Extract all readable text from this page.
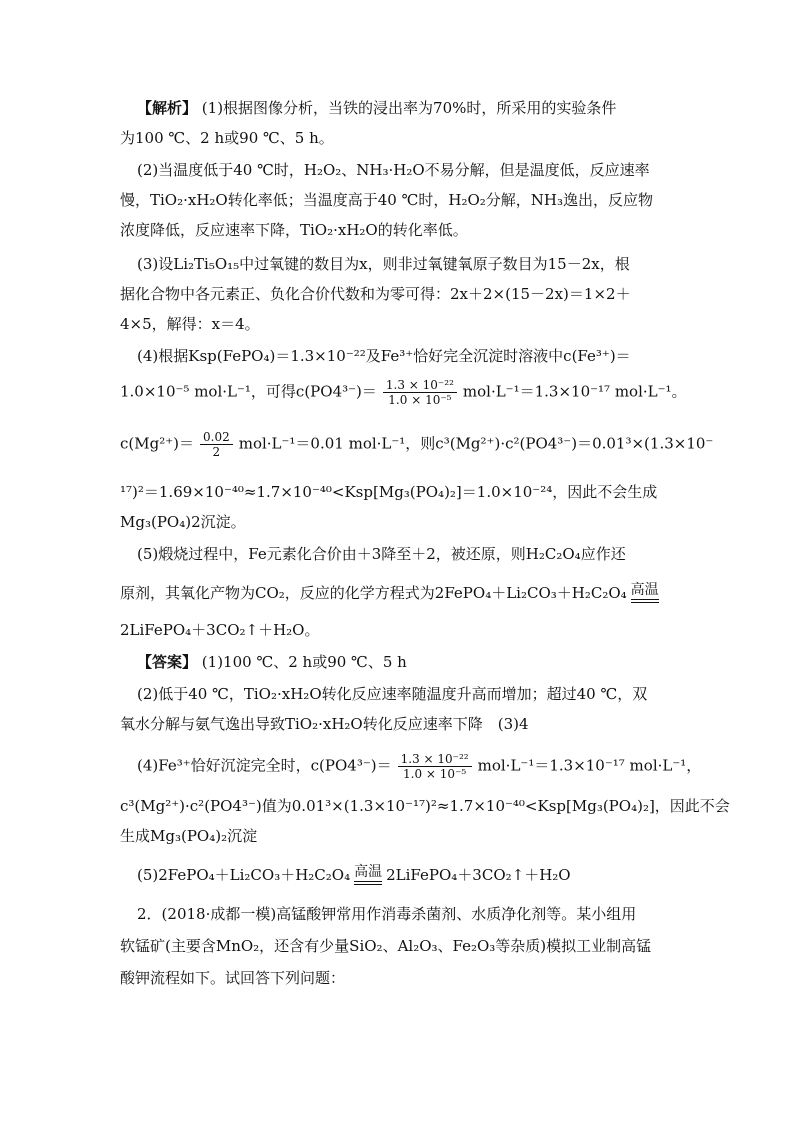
【解析】 (1)根据图像分析，当铁的浸出率为70%时，所采用的实验条件
为100 ℃、2 h或90 ℃、5 h。
(2)当温度低于40 ℃时，H₂O₂、NH₃·H₂O不易分解，但是温度低，反应速率
慢，TiO₂·xH₂O转化率低；当温度高于40 ℃时，H₂O₂分解，NH₃逸出，反应物
浓度降低，反应速率下降，TiO₂·xH₂O的转化率低。
(3)设Li₂Ti₅O₁₅中过氧键的数目为x，则非过氧键氧原子数目为15－2x，根
据化合物中各元素正、负化合价代数和为零可得：2x＋2×(15－2x)＝1×2＋
4×5，解得：x＝4。
(4)根据Ksp(FePO₄)＝1.3×10⁻²²及Fe³⁺恰好完全沉淀时溶液中c(Fe³⁺)＝
1.0×10⁻⁵ mol·L⁻¹，可得$c(PO4^{3-})= \frac{\text{1.3 × 10⁻²²}}{\text{1.0 × 10⁻⁵}} mol\cdot L^{-1}=1.3\times 10^{-17}$ mol·L⁻¹。
$c(Mg^{2+})= \frac{0.02}{2} mol\cdot L^{-1}=0.01$ mol·L⁻¹，则c³(Mg²⁺)·c²(PO4³⁻)＝0.01³×(1.3×10⁻
¹⁷)²＝1.69×10⁻⁴⁰≈1.7×10⁻⁴⁰<Ksp[Mg₃(PO₄)₂]＝1.0×10⁻²⁴，因此不会生成
Mg₃(PO₄)2沉淀。
(5)煅烧过程中，Fe元素化合价由＋3降至＋2，被还原，则H₂C₂O₄应作还
原剂，其氧化产物为CO₂，反应的化学方程式为2FePO₄＋Li₂CO₃＋H₂C₂O₄ 高温
2LiFePO₄＋3CO₂↑＋H₂O。
【答案】 (1)100 ℃、2 h或90 ℃、5 h
(2)低于40 ℃，TiO₂·xH₂O转化反应速率随温度升高而增加；超过40 ℃，双
氧水分解与氨气逸出导致TiO₂·xH₂O转化反应速率下降　(3)4
(4)Fe³⁺恰好沉淀完全时，$c(PO4^{3-})= \frac{\text{1.3 × 10⁻²²}}{\text{1.0 × 10⁻⁵}} mol\cdot L^{-1}=1.3\times 10^{-17}$ mol·L⁻¹，
c³(Mg²⁺)·c²(PO4³⁻)值为0.01³×(1.3×10⁻¹⁷)²≈1.7×10⁻⁴⁰<Ksp[Mg₃(PO₄)₂]，因此不会
生成Mg₃(PO₄)₂沉淀
(5)2FePO₄＋Li₂CO₃＋H₂C₂O₄ 高温 2LiFePO₄＋3CO₂↑＋H₂O
2．(2018·成都一模)高锰酸钾常用作消毒杀菌剂、水质净化剂等。某小组用
软锰矿(主要含MnO₂，还含有少量SiO₂、Al₂O₃、Fe₂O₃等杂质)模拟工业制高锰
酸钾流程如下。试回答下列问题：
